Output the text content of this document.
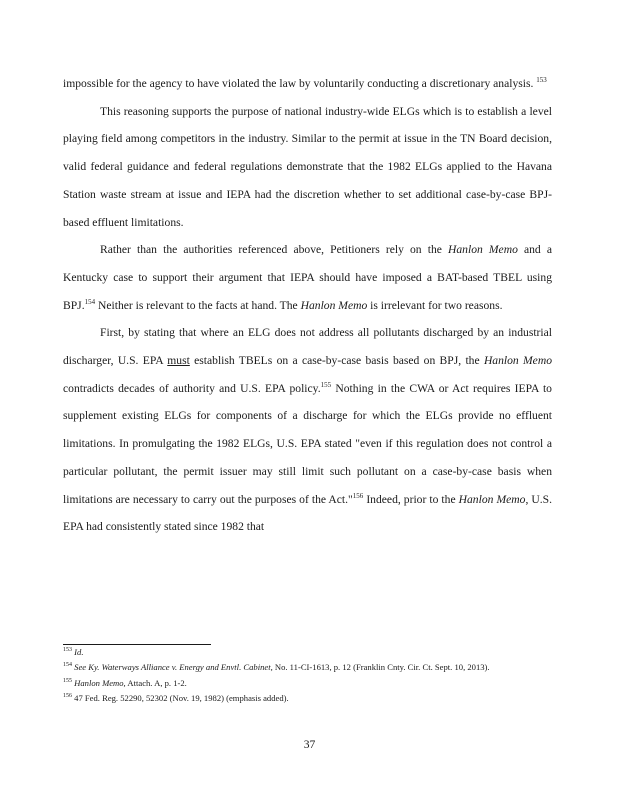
impossible for the agency to have violated the law by voluntarily conducting a discretionary analysis. $^{153}$

This reasoning supports the purpose of national industry-wide ELGs which is to establish a level playing field among competitors in the industry. Similar to the permit at issue in the TN Board decision, valid federal guidance and federal regulations demonstrate that the 1982 ELGs applied to the Havana Station waste stream at issue and IEPA had the discretion whether to set additional case-by-case BPJ-based effluent limitations.

Rather than the authorities referenced above, Petitioners rely on the Hanlon Memo and a Kentucky case to support their argument that IEPA should have imposed a BAT-based TBEL using BPJ.$^{154}$ Neither is relevant to the facts at hand. The Hanlon Memo is irrelevant for two reasons.

First, by stating that where an ELG does not address all pollutants discharged by an industrial discharger, U.S. EPA must establish TBELs on a case-by-case basis based on BPJ, the Hanlon Memo contradicts decades of authority and U.S. EPA policy.$^{155}$ Nothing in the CWA or Act requires IEPA to supplement existing ELGs for components of a discharge for which the ELGs provide no effluent limitations. In promulgating the 1982 ELGs, U.S. EPA stated "even if this regulation does not control a particular pollutant, the permit issuer may still limit such pollutant on a case-by-case basis when limitations are necessary to carry out the purposes of the Act."$^{156}$ Indeed, prior to the Hanlon Memo, U.S. EPA had consistently stated since 1982 that

$^{153}$ Id.
$^{154}$ See Ky. Waterways Alliance v. Energy and Envtl. Cabinet, No. 11-CI-1613, p. 12 (Franklin Cnty. Cir. Ct. Sept. 10, 2013).
$^{155}$ Hanlon Memo, Attach. A, p. 1-2.
$^{156}$ 47 Fed. Reg. 52290, 52302 (Nov. 19, 1982) (emphasis added).
37
